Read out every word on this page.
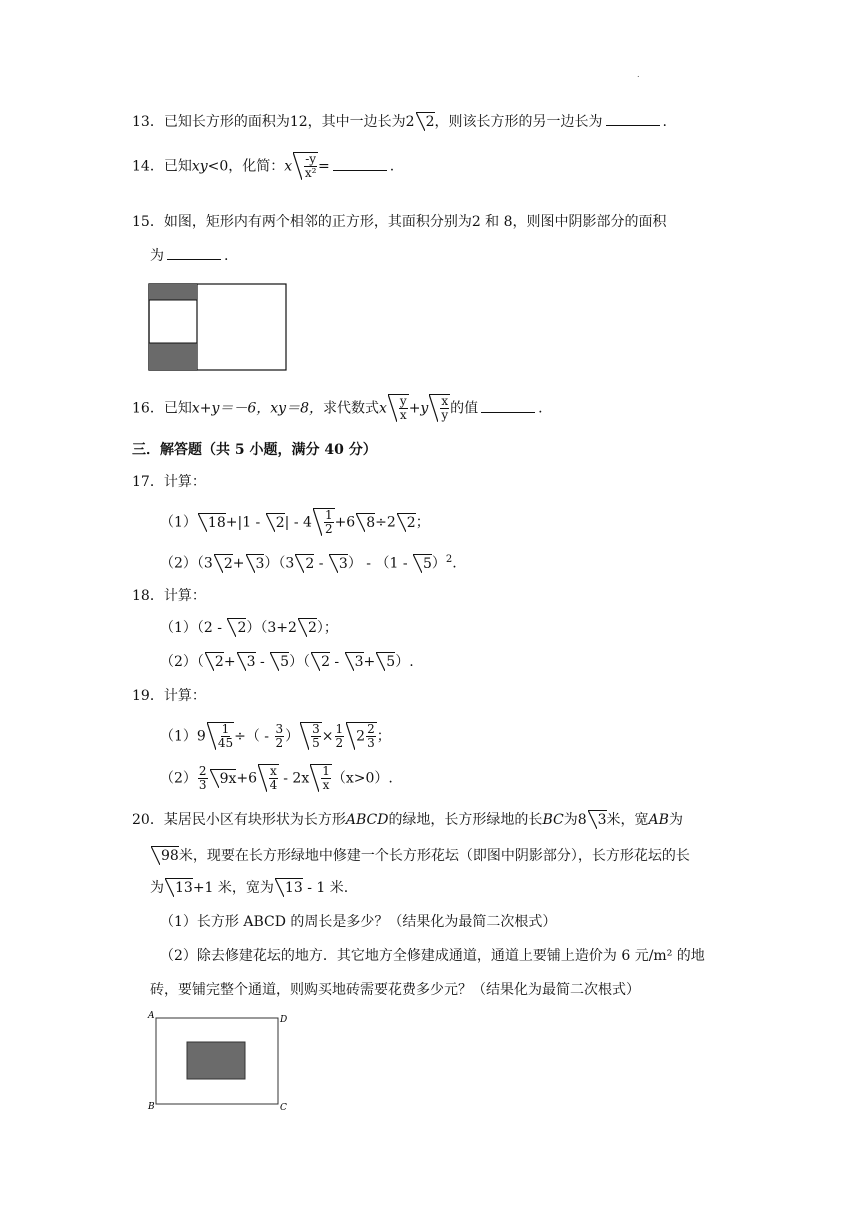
.
13．已知长方形的面积为12，其中一边长为2 2，则该长方形的另一边长为	.
14．已知xy<0，化简：x $\frac{-y}{\text{x²}}$ =	.
15．如图，矩形内有两个相邻的正方形，其面积分别为2 和 8，则图中阴影部分的面积
为	.
16．已知x+y＝－6，xy＝8，求代数式x $\frac{y}{x} +y \frac{x}{y}$ 的值	.
三．解答题（共 5 小题，满分 40 分）
17．计算：
（1） $18+|1 - 2| - 4 \frac{1}{2} +6$ 8÷2 2；
（2）（3 2+ 3）（3 2 - 3） - （1 - 5）$^2$.
18．计算：
（1）（2 - 2）（3+2 2）；
（2）（ 2+ 3 - 5）（ 2 - 3+ 5）.
19．计算：
$(1)9 \frac{1}{45}$ ÷（ - $\frac{3}{2}$ ） $\frac{3}{5} \times \frac{1}{2} 2 \frac{2}{3}$ ；
$(2) \frac{2}{3} 9x+6 \frac{x}{4} - 2x \frac{1}{x} (x>0)$.
20．某居民小区有块形状为长方形ABCD的绿地，长方形绿地的长BC为8 3米，宽AB为
98米，现要在长方形绿地中修建一个长方形花坛（即图中阴影部分），长方形花坛的长
为 13+1 米，宽为 13 - 1 米.
（1）长方形 ABCD 的周长是多少？（结果化为最简二次根式）
（2）除去修建花坛的地方．其它地方全修建成通道，通道上要铺上造价为 6 元/m² 的地
砖，要铺完整个通道，则购买地砖需要花费多少元？（结果化为最简二次根式）
A	D
B	C
